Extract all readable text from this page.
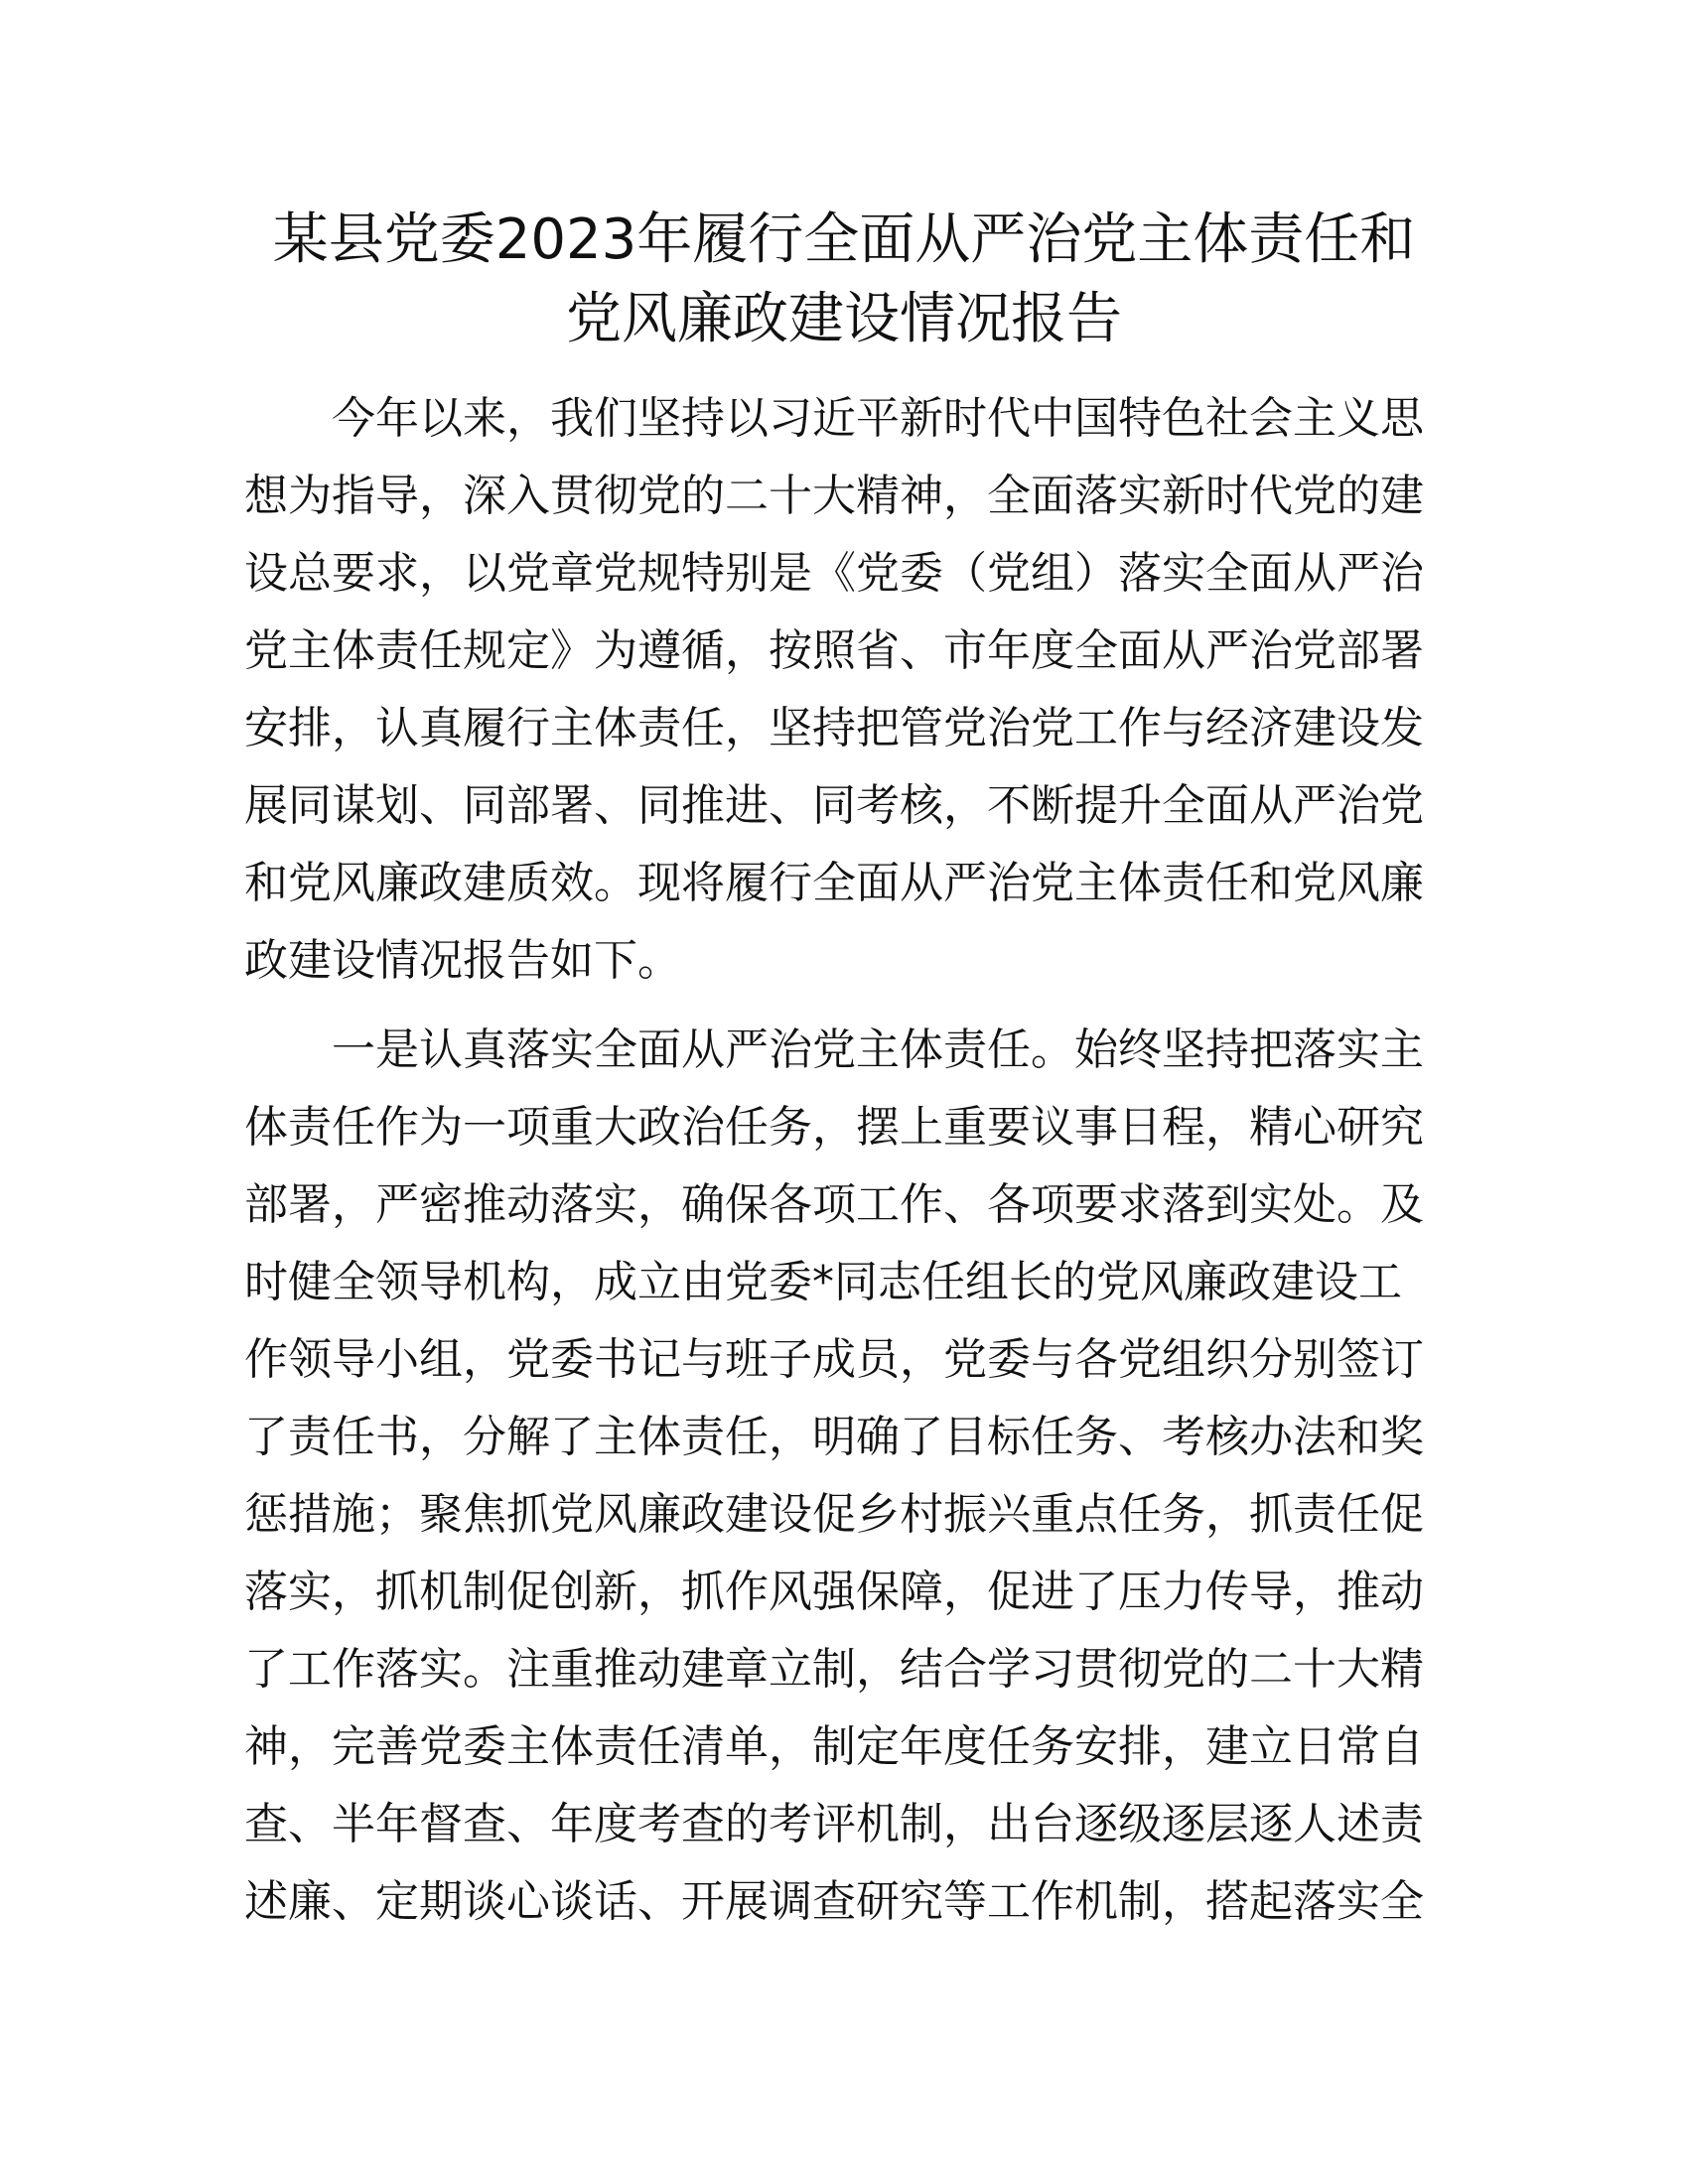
某县党委2023年履行全面从严治党主体责任和
党风廉政建设情况报告

今年以来，我们坚持以习近平新时代中国特色社会主义思

想为指导，深入贯彻党的二十大精神，全面落实新时代党的建

设总要求，以党章党规特别是《党委（党组）落实全面从严治

党主体责任规定》为遵循，按照省、市年度全面从严治党部署

安排，认真履行主体责任，坚持把管党治党工作与经济建设发

展同谋划、同部署、同推进、同考核，不断提升全面从严治党

和党风廉政建质效。现将履行全面从严治党主体责任和党风廉

政建设情况报告如下。

一是认真落实全面从严治党主体责任。始终坚持把落实主

体责任作为一项重大政治任务，摆上重要议事日程，精心研究

部署，严密推动落实，确保各项工作、各项要求落到实处。及

时健全领导机构，成立由党委*同志任组长的党风廉政建设工

作领导小组，党委书记与班子成员，党委与各党组织分别签订

了责任书，分解了主体责任，明确了目标任务、考核办法和奖

惩措施；聚焦抓党风廉政建设促乡村振兴重点任务，抓责任促

落实，抓机制促创新，抓作风强保障，促进了压力传导，推动

了工作落实。注重推动建章立制，结合学习贯彻党的二十大精

神，完善党委主体责任清单，制定年度任务安排，建立日常自

查、半年督查、年度考查的考评机制，出台逐级逐层逐人述责

述廉、定期谈心谈话、开展调查研究等工作机制，搭起落实全
